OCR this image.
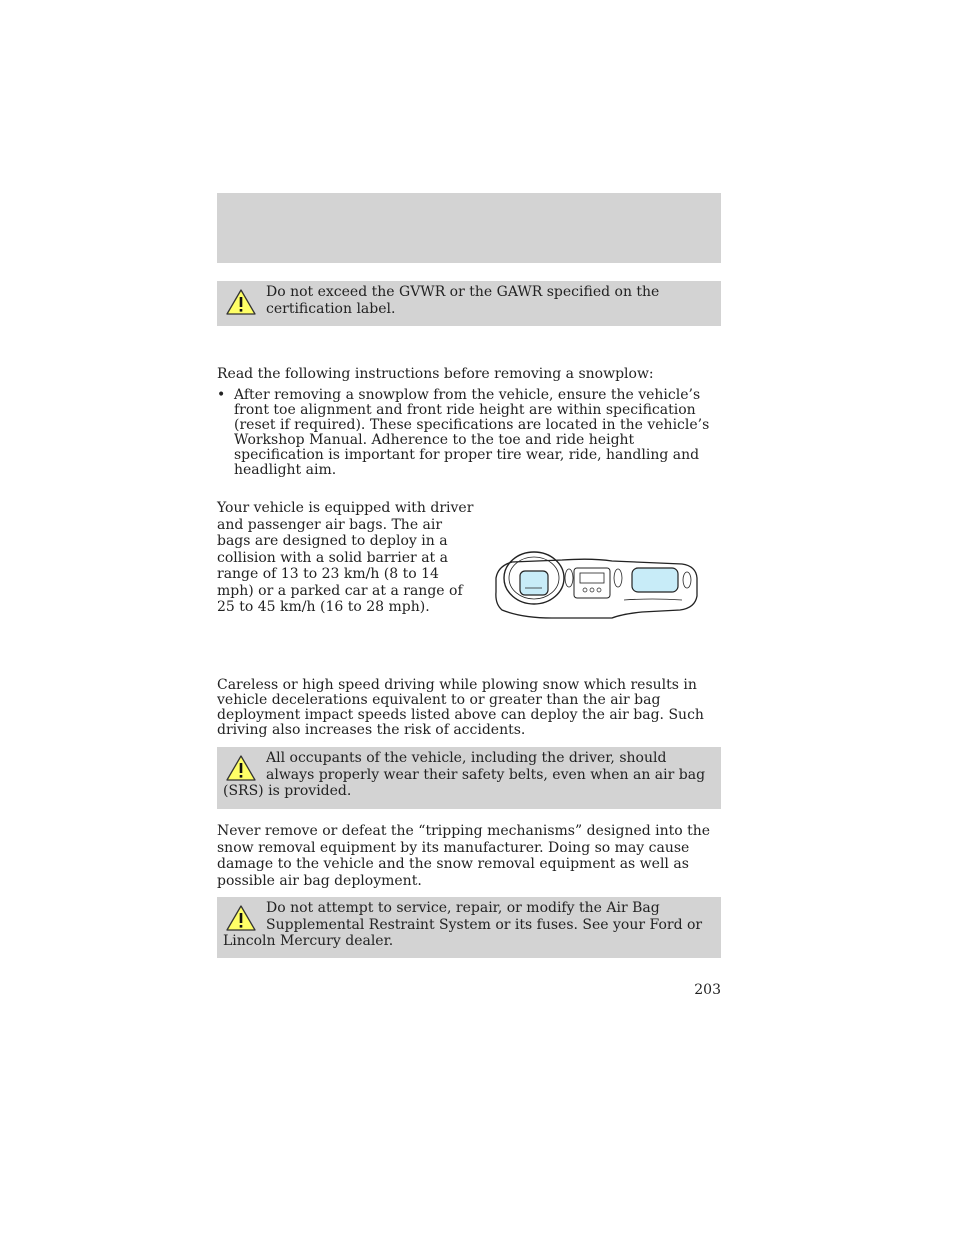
Do not exceed the GVWR or the GAWR specified on the certification label.
Read the following instructions before removing a snowplow:
• After removing a snowplow from the vehicle, ensure the vehicle’s front toe alignment and front ride height are within specification (reset if required). These specifications are located in the vehicle’s Workshop Manual. Adherence to the toe and ride height specification is important for proper tire wear, ride, handling and headlight aim.
Your vehicle is equipped with driver and passenger air bags. The air bags are designed to deploy in a collision with a solid barrier at a range of 13 to 23 km/h (8 to 14 mph) or a parked car at a range of 25 to 45 km/h (16 to 28 mph).
Careless or high speed driving while plowing snow which results in vehicle decelerations equivalent to or greater than the air bag deployment impact speeds listed above can deploy the air bag. Such driving also increases the risk of accidents.
All occupants of the vehicle, including the driver, should always properly wear their safety belts, even when an air bag (SRS) is provided.
Never remove or defeat the “tripping mechanisms” designed into the snow removal equipment by its manufacturer. Doing so may cause damage to the vehicle and the snow removal equipment as well as possible air bag deployment.
Do not attempt to service, repair, or modify the Air Bag Supplemental Restraint System or its fuses. See your Ford or Lincoln Mercury dealer.
203
